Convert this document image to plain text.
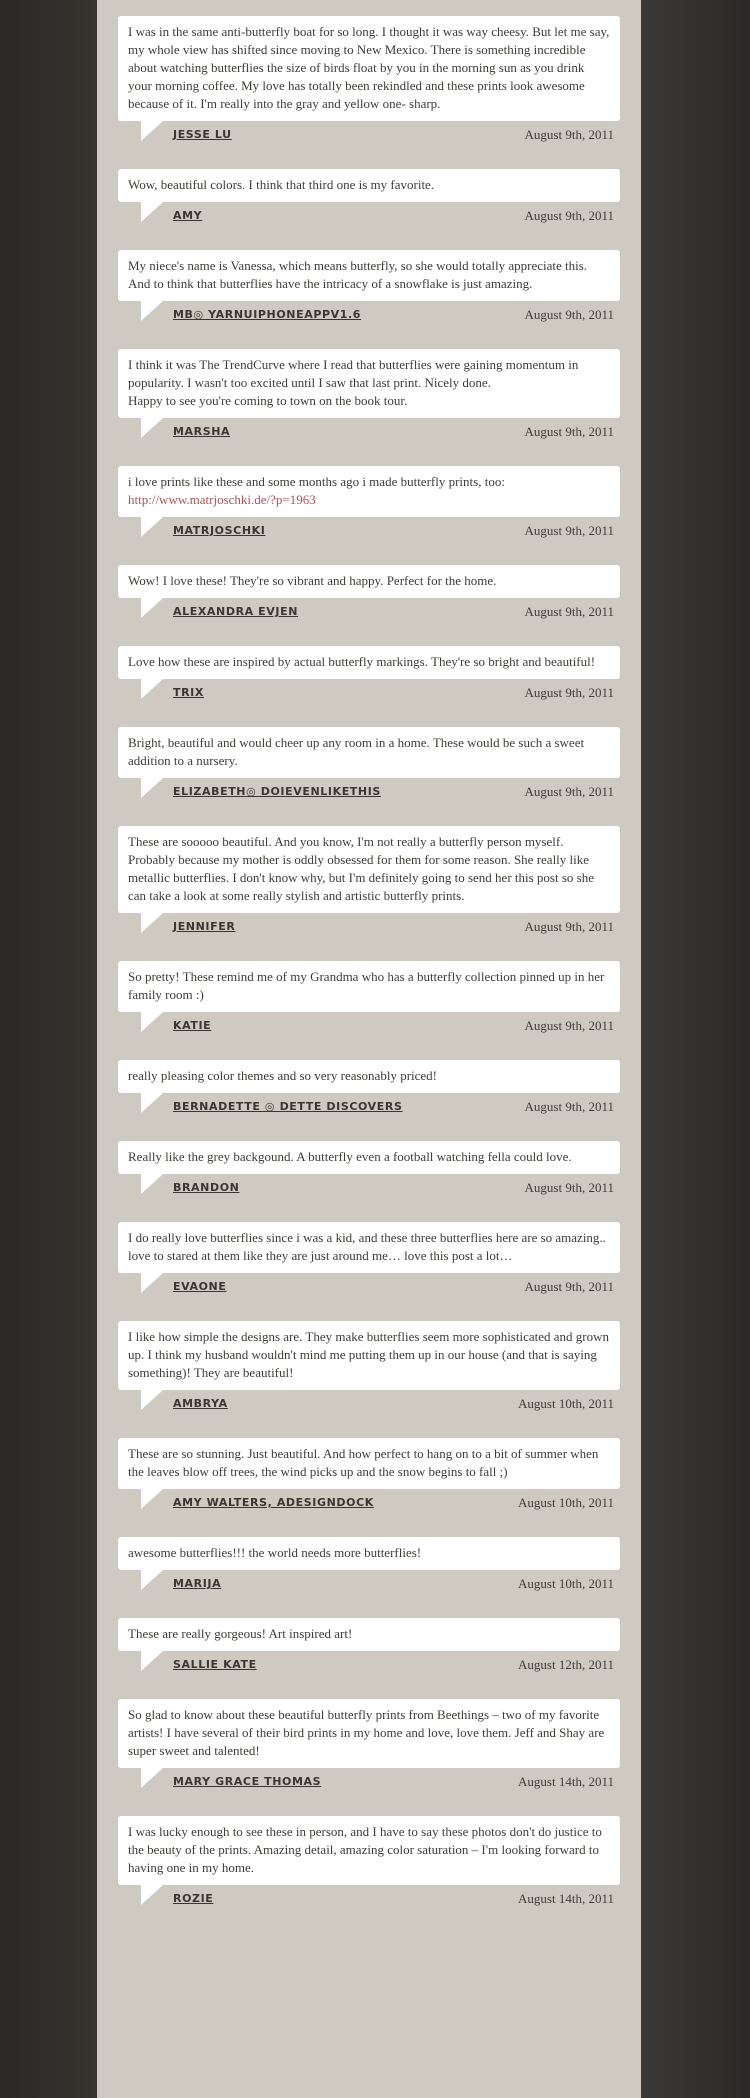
I was in the same anti-butterfly boat for so long. I thought it was way cheesy. But let me say, my whole view has shifted since moving to New Mexico. There is something incredible about watching butterflies the size of birds float by you in the morning sun as you drink your morning coffee. My love has totally been rekindled and these prints look awesome because of it. I'm really into the gray and yellow one- sharp.
JESSE LU	August 9th, 2011
Wow, beautiful colors. I think that third one is my favorite.
AMY	August 9th, 2011
My niece's name is Vanessa, which means butterfly, so she would totally appreciate this. And to think that butterflies have the intricacy of a snowflake is just amazing.
MB◎ YARNUIPHONEAPPV1.6	August 9th, 2011
I think it was The TrendCurve where I read that butterflies were gaining momentum in popularity. I wasn't too excited until I saw that last print. Nicely done.
Happy to see you're coming to town on the book tour.
MARSHA	August 9th, 2011
i love prints like these and some months ago i made butterfly prints, too:
http://www.matrjoschki.de/?p=1963
MATRJOSCHKI	August 9th, 2011
Wow! I love these! They're so vibrant and happy. Perfect for the home.
ALEXANDRA EVJEN	August 9th, 2011
Love how these are inspired by actual butterfly markings. They're so bright and beautiful!
TRIX	August 9th, 2011
Bright, beautiful and would cheer up any room in a home. These would be such a sweet addition to a nursery.
ELIZABETH◎ DOIEVENLIKETHIS	August 9th, 2011
These are sooooo beautiful. And you know, I'm not really a butterfly person myself. Probably because my mother is oddly obsessed for them for some reason. She really like metallic butterflies. I don't know why, but I'm definitely going to send her this post so she can take a look at some really stylish and artistic butterfly prints.
JENNIFER	August 9th, 2011
So pretty! These remind me of my Grandma who has a butterfly collection pinned up in her family room :)
KATIE	August 9th, 2011
really pleasing color themes and so very reasonably priced!
BERNADETTE ◎ DETTE DISCOVERS	August 9th, 2011
Really like the grey backgound. A butterfly even a football watching fella could love.
BRANDON	August 9th, 2011
I do really love butterflies since i was a kid, and these three butterflies here are so amazing.. love to stared at them like they are just around me… love this post a lot…
EVAONE	August 9th, 2011
I like how simple the designs are. They make butterflies seem more sophisticated and grown up. I think my husband wouldn't mind me putting them up in our house (and that is saying something)! They are beautiful!
AMBRYA	August 10th, 2011
These are so stunning. Just beautiful. And how perfect to hang on to a bit of summer when the leaves blow off trees, the wind picks up and the snow begins to fall ;)
AMY WALTERS, ADESIGNDOCK	August 10th, 2011
awesome butterflies!!! the world needs more butterflies!
MARIJA	August 10th, 2011
These are really gorgeous! Art inspired art!
SALLIE KATE	August 12th, 2011
So glad to know about these beautiful butterfly prints from Beethings – two of my favorite artists! I have several of their bird prints in my home and love, love them. Jeff and Shay are super sweet and talented!
MARY GRACE THOMAS	August 14th, 2011
I was lucky enough to see these in person, and I have to say these photos don't do justice to the beauty of the prints. Amazing detail, amazing color saturation – I'm looking forward to having one in my home.
ROZIE	August 14th, 2011
